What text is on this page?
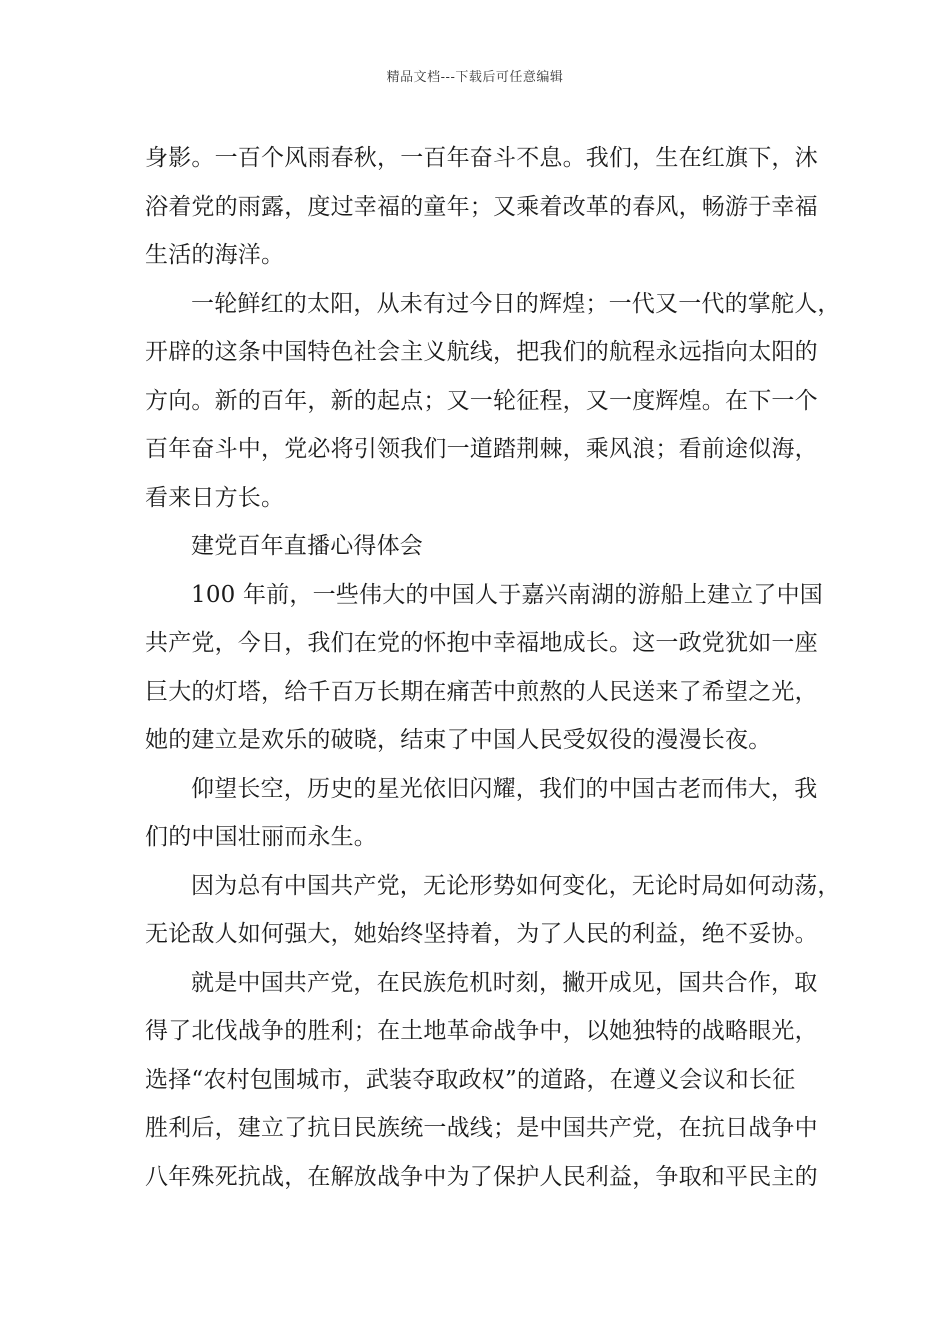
精品文档---下载后可任意编辑
身影。一百个风雨春秋，一百年奋斗不息。我们，生在红旗下，沐
浴着党的雨露，度过幸福的童年；又乘着改革的春风，畅游于幸福
生活的海洋。
一轮鲜红的太阳，从未有过今日的辉煌；一代又一代的掌舵人，
开辟的这条中国特色社会主义航线，把我们的航程永远指向太阳的
方向。新的百年，新的起点；又一轮征程，又一度辉煌。在下一个
百年奋斗中，党必将引领我们一道踏荆棘，乘风浪；看前途似海，
看来日方长。
建党百年直播心得体会
100 年前，一些伟大的中国人于嘉兴南湖的游船上建立了中国
共产党，今日，我们在党的怀抱中幸福地成长。这一政党犹如一座
巨大的灯塔，给千百万长期在痛苦中煎熬的人民送来了希望之光，
她的建立是欢乐的破晓，结束了中国人民受奴役的漫漫长夜。
仰望长空，历史的星光依旧闪耀，我们的中国古老而伟大，我
们的中国壮丽而永生。
因为总有中国共产党，无论形势如何变化，无论时局如何动荡，
无论敌人如何强大，她始终坚持着，为了人民的利益，绝不妥协。
就是中国共产党，在民族危机时刻，撇开成见，国共合作，取
得了北伐战争的胜利；在土地革命战争中，以她独特的战略眼光，
选择“农村包围城市，武装夺取政权”的道路，在遵义会议和长征
胜利后，建立了抗日民族统一战线；是中国共产党，在抗日战争中
八年殊死抗战，在解放战争中为了保护人民利益，争取和平民主的
